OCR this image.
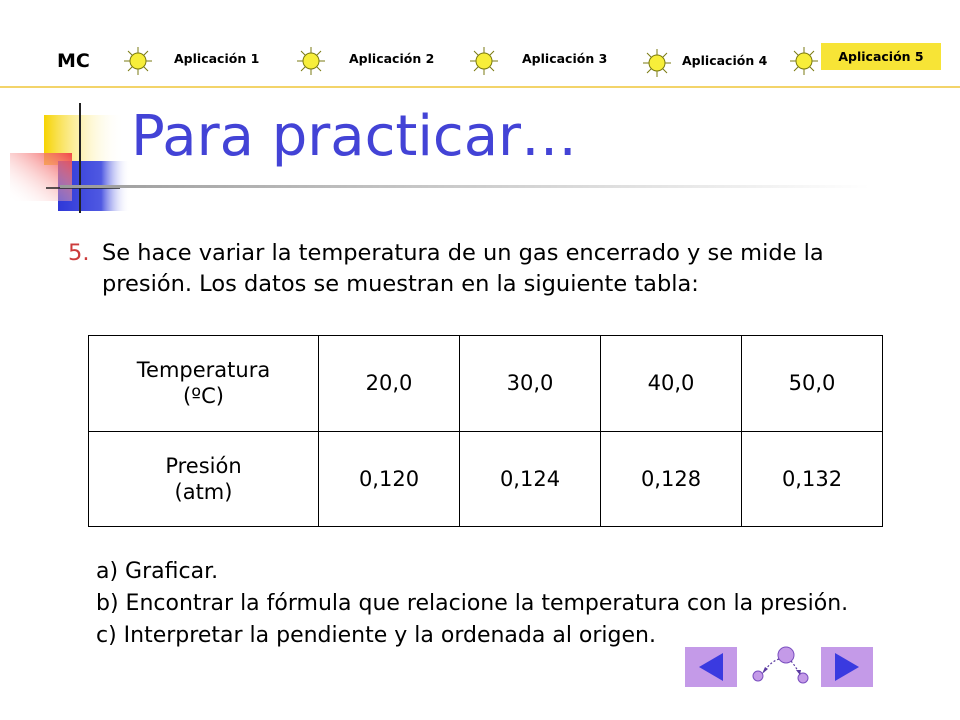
MC	Aplicación 1	Aplicación 2	Aplicación 3	Aplicación 4	Aplicación 5
Para practicar…
5. Se hace variar la temperatura de un gas encerrado y se mide la
presión. Los datos se muestran en la siguiente tabla:
Temperatura
(ºC)	20,0	30,0	40,0	50,0

Presión
(atm)	0,120	0,124	0,128	0,132
a) Graficar.
b) Encontrar la fórmula que relacione la temperatura con la presión.
c) Interpretar la pendiente y la ordenada al origen.
